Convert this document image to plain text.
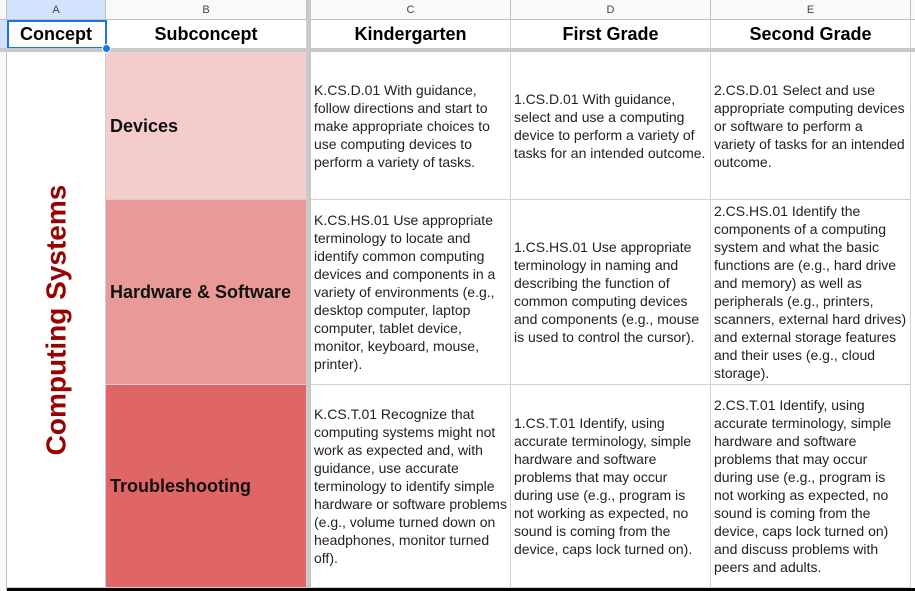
A	B	C	D	E
Concept	Subconcept	Kindergarten	First Grade	Second Grade
Computing Systems
Devices
Hardware & Software
Troubleshooting
K.CS.D.01 With guidance, follow directions and start to make appropriate choices to use computing devices to perform a variety of tasks.
1.CS.D.01 With guidance, select and use a computing device to perform a variety of tasks for an intended outcome.
2.CS.D.01 Select and use appropriate computing devices or software to perform a variety of tasks for an intended outcome.
K.CS.HS.01 Use appropriate terminology to locate and identify common computing devices and components in a variety of environments (e.g., desktop computer, laptop computer, tablet device, monitor, keyboard, mouse, printer).
1.CS.HS.01 Use appropriate terminology in naming and describing the function of common computing devices and components (e.g., mouse is used to control the cursor).
2.CS.HS.01 Identify the components of a computing system and what the basic functions are (e.g., hard drive and memory) as well as peripherals (e.g., printers, scanners, external hard drives) and external storage features and their uses (e.g., cloud storage).
K.CS.T.01 Recognize that computing systems might not work as expected and, with guidance, use accurate terminology to identify simple hardware or software problems (e.g., volume turned down on headphones, monitor turned off).
1.CS.T.01 Identify, using accurate terminology, simple hardware and software problems that may occur during use (e.g., program is not working as expected, no sound is coming from the device, caps lock turned on).
2.CS.T.01 Identify, using accurate terminology, simple hardware and software problems that may occur during use (e.g., program is not working as expected, no sound is coming from the device, caps lock turned on) and discuss problems with peers and adults.
